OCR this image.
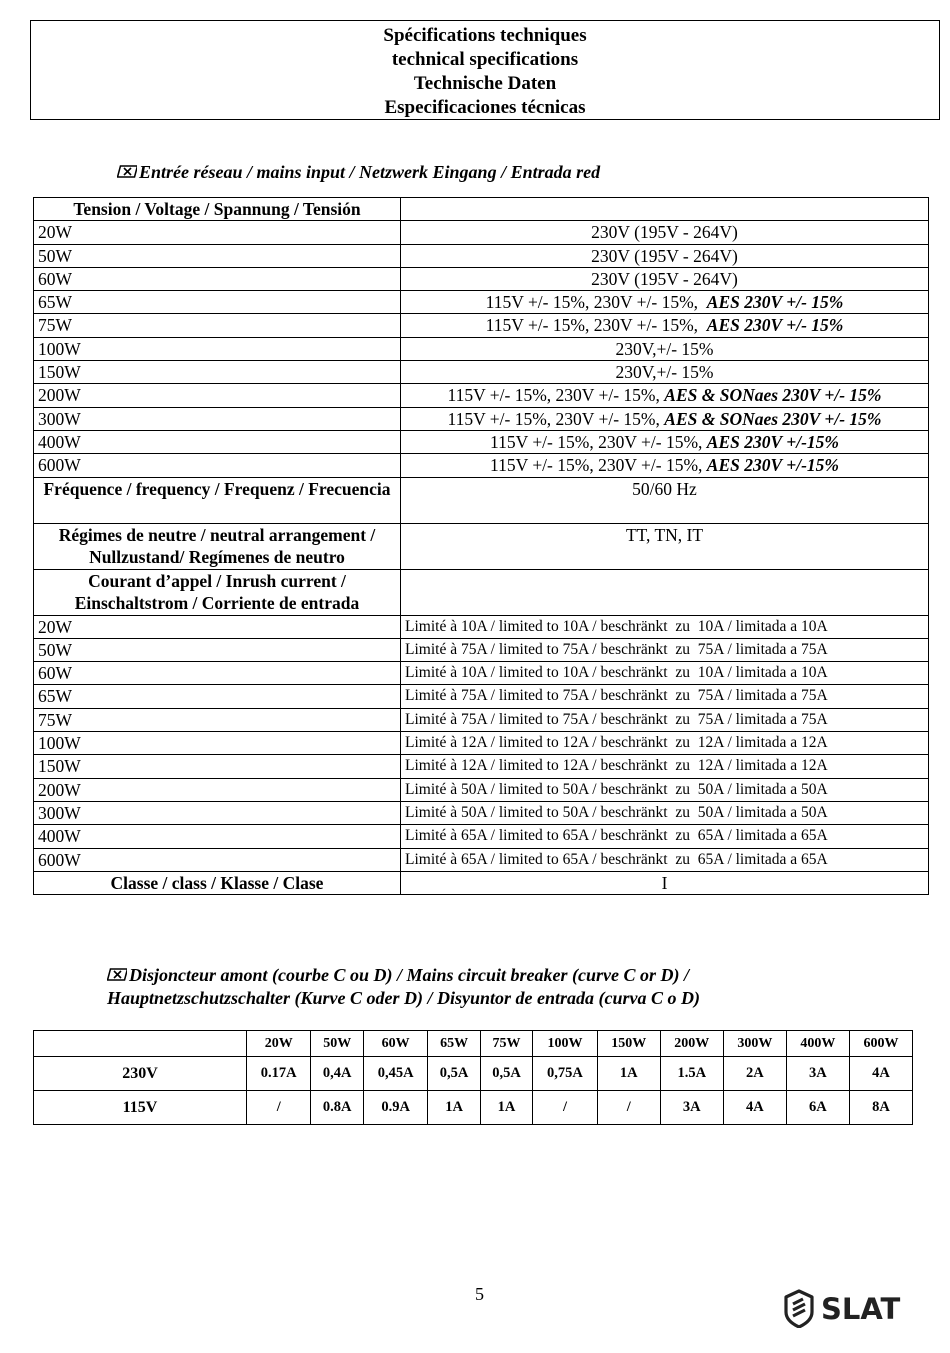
Spécifications techniques
technical specifications
Technische Daten
Especificaciones técnicas
Entrée réseau / mains input / Netzwerk Eingang / Entrada red
Tension / Voltage / Spannung / Tensión	
20W	230V (195V - 264V)
50W	230V (195V - 264V)
60W	230V (195V - 264V)
65W	115V +/- 15%, 230V +/- 15%,  AES 230V +/- 15%
75W	115V +/- 15%, 230V +/- 15%,  AES 230V +/- 15%
100W	230V,+/- 15%
150W	230V,+/- 15%
200W	115V +/- 15%, 230V +/- 15%, AES & SONaes 230V +/- 15%
300W	115V +/- 15%, 230V +/- 15%, AES & SONaes 230V +/- 15%
400W	115V +/- 15%, 230V +/- 15%, AES 230V +/-15%
600W	115V +/- 15%, 230V +/- 15%, AES 230V +/-15%
Fréquence / frequency / Frequenz / Frecuencia	50/60 Hz
Régimes de neutre / neutral arrangement / Nullzustand/ Regímenes de neutro	TT, TN, IT
Courant d’appel / Inrush current / Einschaltstrom / Corriente de entrada	
20W	Limité à 10A / limited to 10A / beschränkt  zu  10A / limitada a 10A
50W	Limité à 75A / limited to 75A / beschränkt  zu  75A / limitada a 75A
60W	Limité à 10A / limited to 10A / beschränkt  zu  10A / limitada a 10A
65W	Limité à 75A / limited to 75A / beschränkt  zu  75A / limitada a 75A
75W	Limité à 75A / limited to 75A / beschränkt  zu  75A / limitada a 75A
100W	Limité à 12A / limited to 12A / beschränkt  zu  12A / limitada a 12A
150W	Limité à 12A / limited to 12A / beschränkt  zu  12A / limitada a 12A
200W	Limité à 50A / limited to 50A / beschränkt  zu  50A / limitada a 50A
300W	Limité à 50A / limited to 50A / beschränkt  zu  50A / limitada a 50A
400W	Limité à 65A / limited to 65A / beschränkt  zu  65A / limitada a 65A
600W	Limité à 65A / limited to 65A / beschränkt  zu  65A / limitada a 65A
Classe / class / Klasse / Clase	I
Disjoncteur amont (courbe C ou D) / Mains circuit breaker (curve C or D) /
Hauptnetzschutzschalter (Kurve C oder D) / Disyuntor de entrada (curva C o D)
	20W	50W	60W	65W	75W	100W	150W	200W	300W	400W	600W
230V	0.17A	0,4A	0,45A	0,5A	0,5A	0,75A	1A	1.5A	2A	3A	4A
115V	/	0.8A	0.9A	1A	1A	/	/	3A	4A	6A	8A
5	SLAT
